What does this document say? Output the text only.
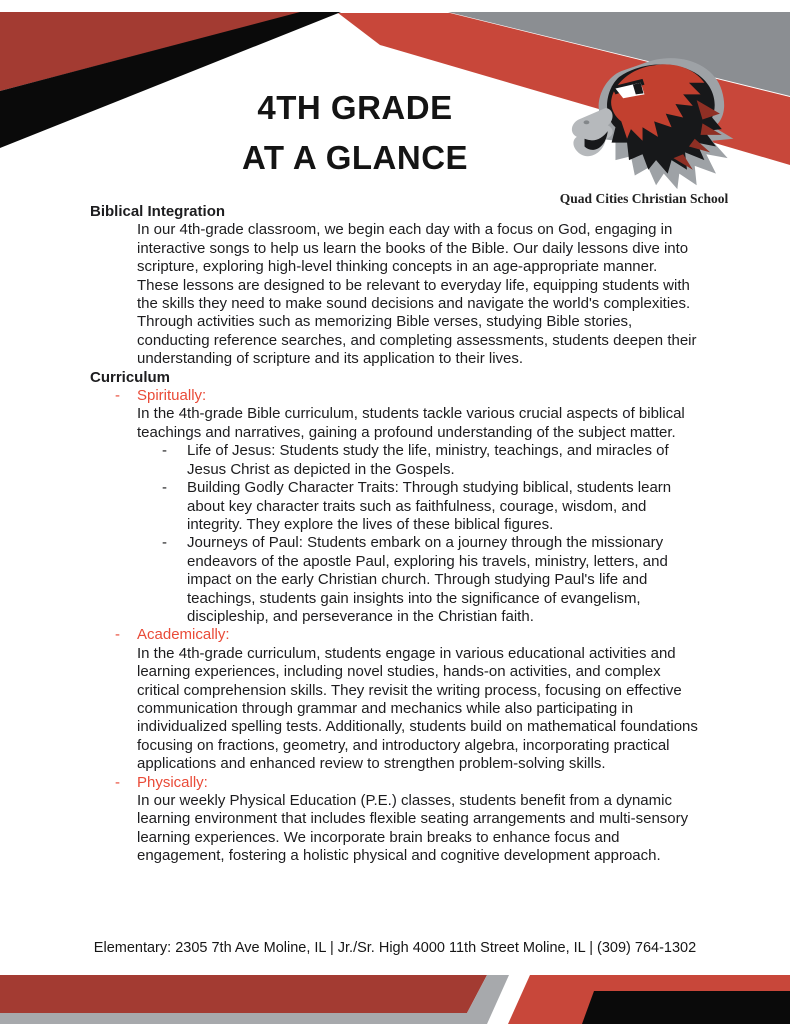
4TH GRADE
AT A GLANCE
Quad Cities Christian School
Biblical Integration
In our 4th-grade classroom, we begin each day with a focus on God, engaging in interactive songs to help us learn the books of the Bible. Our daily lessons dive into scripture, exploring high-level thinking concepts in an age-appropriate manner. These lessons are designed to be relevant to everyday life, equipping students with the skills they need to make sound decisions and navigate the world's complexities. Through activities such as memorizing Bible verses, studying Bible stories, conducting reference searches, and completing assessments, students deepen their understanding of scripture and its application to their lives.
Curriculum
- Spiritually:
In the 4th-grade Bible curriculum, students tackle various crucial aspects of biblical teachings and narratives, gaining a profound understanding of the subject matter.
- Life of Jesus: Students study the life, ministry, teachings, and miracles of Jesus Christ as depicted in the Gospels.
- Building Godly Character Traits: Through studying biblical, students learn about key character traits such as faithfulness, courage, wisdom, and integrity. They explore the lives of these biblical figures.
- Journeys of Paul: Students embark on a journey through the missionary endeavors of the apostle Paul, exploring his travels, ministry, letters, and impact on the early Christian church. Through studying Paul's life and teachings, students gain insights into the significance of evangelism, discipleship, and perseverance in the Christian faith.
- Academically:
In the 4th-grade curriculum, students engage in various educational activities and learning experiences, including novel studies, hands-on activities, and complex critical comprehension skills. They revisit the writing process, focusing on effective communication through grammar and mechanics while also participating in individualized spelling tests. Additionally, students build on mathematical foundations focusing on fractions, geometry, and introductory algebra, incorporating practical applications and enhanced review to strengthen problem-solving skills.
- Physically:
In our weekly Physical Education (P.E.) classes, students benefit from a dynamic learning environment that includes flexible seating arrangements and multi-sensory learning experiences. We incorporate brain breaks to enhance focus and engagement, fostering a holistic physical and cognitive development approach.
Elementary: 2305 7th Ave Moline, IL | Jr./Sr. High 4000 11th Street Moline, IL | (309) 764-1302
